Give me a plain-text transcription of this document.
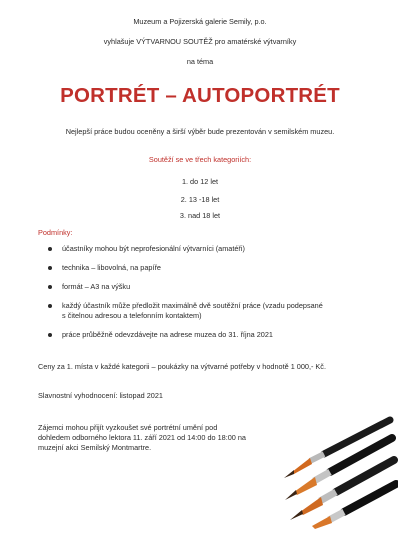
Muzeum a Pojizerská galerie Semily, p.o.
vyhlašuje VÝTVARNOU SOUTĚŽ pro amatérské výtvarníky
na téma
PORTRÉT – AUTOPORTRÉT
Nejlepší práce budou oceněny a širší výběr bude prezentován v semilském muzeu.
Soutěží se ve třech kategoriích:
1. do 12 let
2. 13 -18 let
3. nad 18 let
Podmínky:
účastníky mohou být neprofesionální výtvarníci (amatéři)
technika – libovolná, na papíře
formát – A3 na výšku
každý účastník může předložit maximálně dvě soutěžní práce (vzadu podepsané s čitelnou adresou a telefonním kontaktem)
práce průběžně odevzdávejte na adrese muzea do 31. října 2021
Ceny za 1. místa v každé kategorii – poukázky na výtvarné potřeby v hodnotě 1 000,- Kč.
Slavnostní vyhodnocení: listopad 2021
Zájemci mohou přijít vyzkoušet své portrétní umění pod dohledem odborného lektora 11. září 2021 od 14:00 do 18:00 na muzejní akci Semilský Montmartre.
